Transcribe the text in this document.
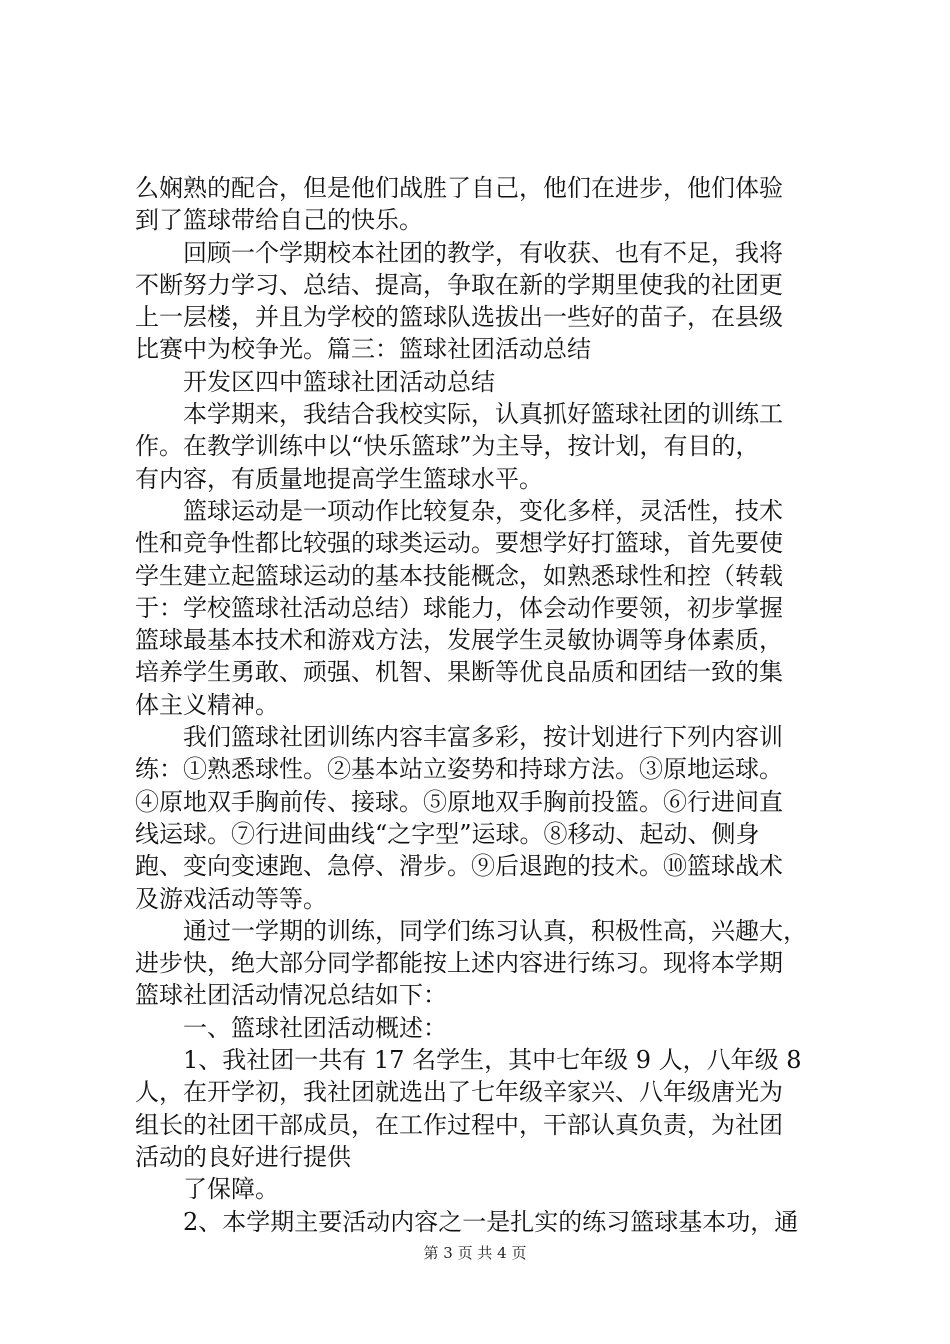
么娴熟的配合，但是他们战胜了自己，他们在进步，他们体验
到了篮球带给自己的快乐。
回顾一个学期校本社团的教学，有收获、也有不足，我将
不断努力学习、总结、提高，争取在新的学期里使我的社团更
上一层楼，并且为学校的篮球队选拔出一些好的苗子，在县级
比赛中为校争光。篇三：篮球社团活动总结
开发区四中篮球社团活动总结
本学期来，我结合我校实际，认真抓好篮球社团的训练工
作。在教学训练中以“快乐篮球”为主导，按计划，有目的，
有内容，有质量地提高学生篮球水平。
篮球运动是一项动作比较复杂，变化多样，灵活性，技术
性和竞争性都比较强的球类运动。要想学好打篮球，首先要使
学生建立起篮球运动的基本技能概念，如熟悉球性和控（转载
于：学校篮球社活动总结）球能力，体会动作要领，初步掌握
篮球最基本技术和游戏方法，发展学生灵敏协调等身体素质，
培养学生勇敢、顽强、机智、果断等优良品质和团结一致的集
体主义精神。
我们篮球社团训练内容丰富多彩，按计划进行下列内容训
练：①熟悉球性。②基本站立姿势和持球方法。③原地运球。
④原地双手胸前传、接球。⑤原地双手胸前投篮。⑥行进间直
线运球。⑦行进间曲线“之字型”运球。⑧移动、起动、侧身
跑、变向变速跑、急停、滑步。⑨后退跑的技术。⑩篮球战术
及游戏活动等等。
通过一学期的训练，同学们练习认真，积极性高，兴趣大，
进步快，绝大部分同学都能按上述内容进行练习。现将本学期
篮球社团活动情况总结如下：
一、篮球社团活动概述：
1、我社团一共有 17 名学生，其中七年级 9 人，八年级 8
人，在开学初，我社团就选出了七年级辛家兴、八年级唐光为
组长的社团干部成员，在工作过程中，干部认真负责，为社团
活动的良好进行提供
了保障。
2、本学期主要活动内容之一是扎实的练习篮球基本功，通
第 3 页 共 4 页
